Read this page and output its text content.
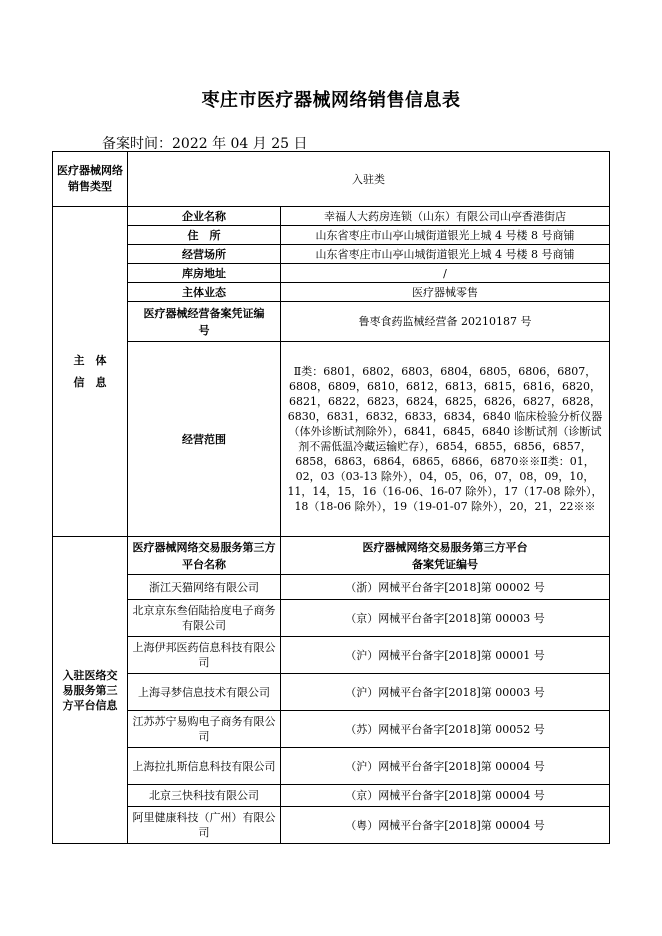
枣庄市医疗器械网络销售信息表
备案时间：2022 年 04 月 25 日
医疗器械网络销售类型	入驻类	
主　体　信　息	企业名称	幸福人大药房连锁（山东）有限公司山亭香港街店
	住　所	山东省枣庄市山亭山城街道银光上城 4 号楼 8 号商铺
	经营场所	山东省枣庄市山亭山城街道银光上城 4 号楼 8 号商铺
	库房地址	/
	主体业态	医疗器械零售
	医疗器械经营备案凭证编号	鲁枣食药监械经营备 20210187 号
	经营范围	Ⅱ类：6801，6802，6803，6804，6805，6806，6807，6808，6809，6810，6812，6813，6815，6816，6820，6821，6822，6823，6824，6825，6826，6827，6828，6830，6831，6832，6833，6834，6840 临床检验分析仪器（体外诊断试剂除外），6841，6845，6840 诊断试剂（诊断试剂不需低温冷藏运输贮存），6854，6855，6856，6857，6858，6863，6864，6865，6866，6870※※Ⅱ类：01，02，03（03-13 除外），04，05，06，07，08，09，10，11，14，15，16（16-06、16-07 除外），17（17-08 除外），18（18-06 除外），19（19-01-07 除外），20，21，22※※
入驻医络交易服务第三方平台信息	医疗器械网络交易服务第三方平台名称	医疗器械网络交易服务第三方平台备案凭证编号
	浙江天猫网络有限公司	（浙）网械平台备字[2018]第 00002 号
	北京京东叁佰陆拾度电子商务有限公司	（京）网械平台备字[2018]第 00003 号
	上海伊邦医药信息科技有限公司	（沪）网械平台备字[2018]第 00001 号
	上海寻梦信息技术有限公司	（沪）网械平台备字[2018]第 00003 号
	江苏苏宁易购电子商务有限公司	（苏）网械平台备字[2018]第 00052 号
	上海拉扎斯信息科技有限公司	（沪）网械平台备字[2018]第 00004 号
	北京三快科技有限公司	（京）网械平台备字[2018]第 00004 号
	阿里健康科技（广州）有限公司	（粤）网械平台备字[2018]第 00004 号
